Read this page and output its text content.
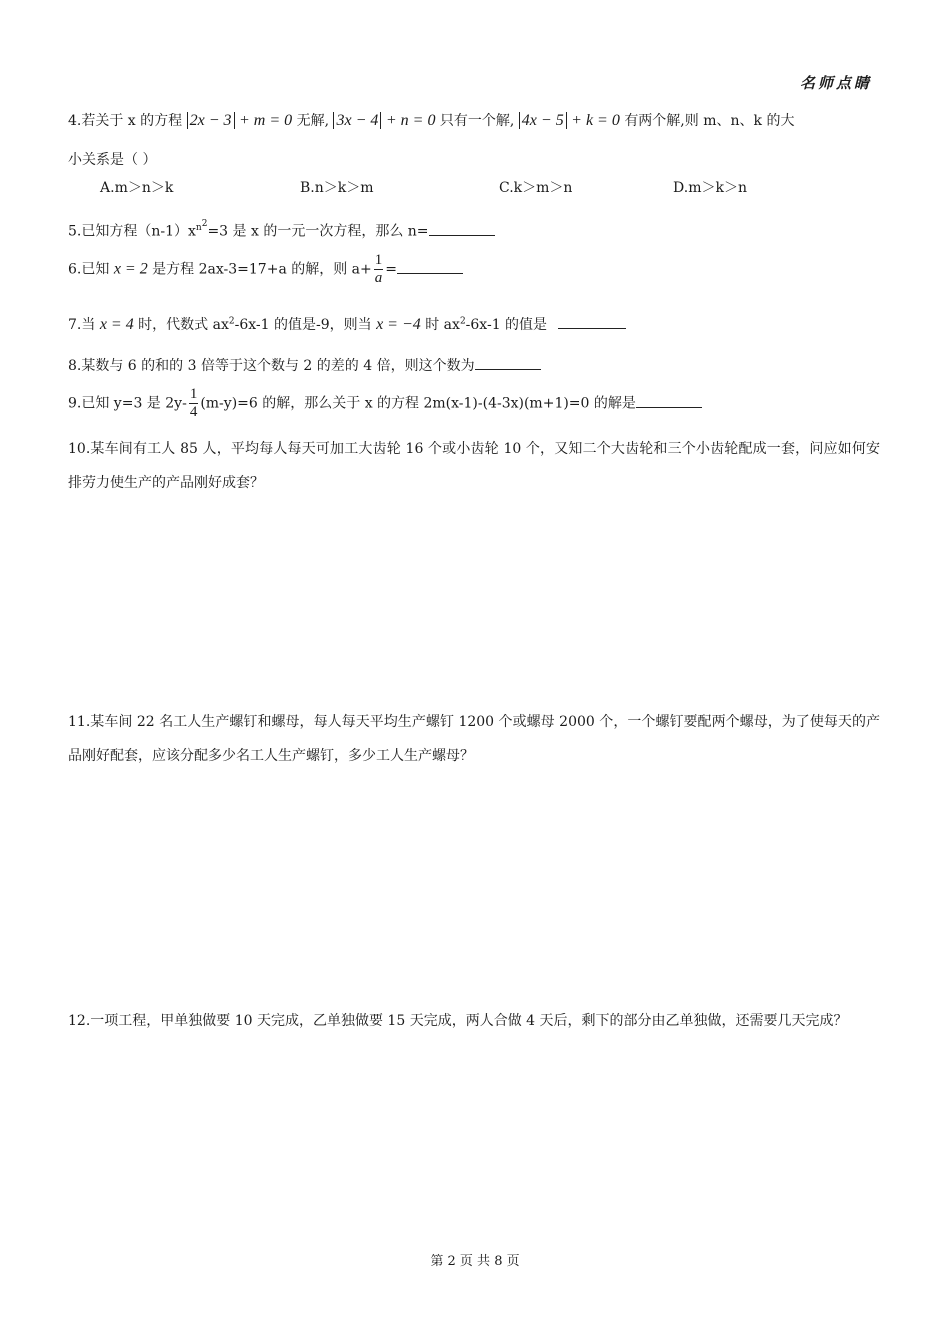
名师点睛
4.若关于 x 的方程 2x − 3 + m = 0 无解, 3x − 4 + n = 0 只有一个解, 4x − 5 + k = 0 有两个解,则 m、n、k 的大
小关系是（ ）
A.m＞n＞k	B.n＞k＞m	C.k＞m＞n	D.m＞k＞n
5.已知方程$(n-1)x^{n^2}=3$ 是 x 的一元一次方程，那么 n=
6.已知 x = 2 是方程 2ax-3=17+a 的解，则 $a+ \frac{1}{a}$ =
7.当 x = 4 时，代数式 $ax^2-6x-1$ 的值是-9，则当 x = −4 时 $ax^2-6x-1$ 的值是
8.某数与 6 的和的 3 倍等于这个数与 2 的差的 4 倍，则这个数为
9.已知 y=3 是 $2y- \frac{1}{4} (m-y)=6$ 的解，那么关于 x 的方程 2m(x-1)-(4-3x)(m+1)=0 的解是
10.某车间有工人 85 人，平均每人每天可加工大齿轮 16 个或小齿轮 10 个，又知二个大齿轮和三个小齿轮配成一套，问应如何安排劳力使生产的产品刚好成套？
11.某车间 22 名工人生产螺钉和螺母，每人每天平均生产螺钉 1200 个或螺母 2000 个，一个螺钉要配两个螺母，为了使每天的产品刚好配套，应该分配多少名工人生产螺钉，多少工人生产螺母？
12.一项工程，甲单独做要 10 天完成，乙单独做要 15 天完成，两人合做 4 天后，剩下的部分由乙单独做，还需要几天完成？
第 2 页 共 8 页
